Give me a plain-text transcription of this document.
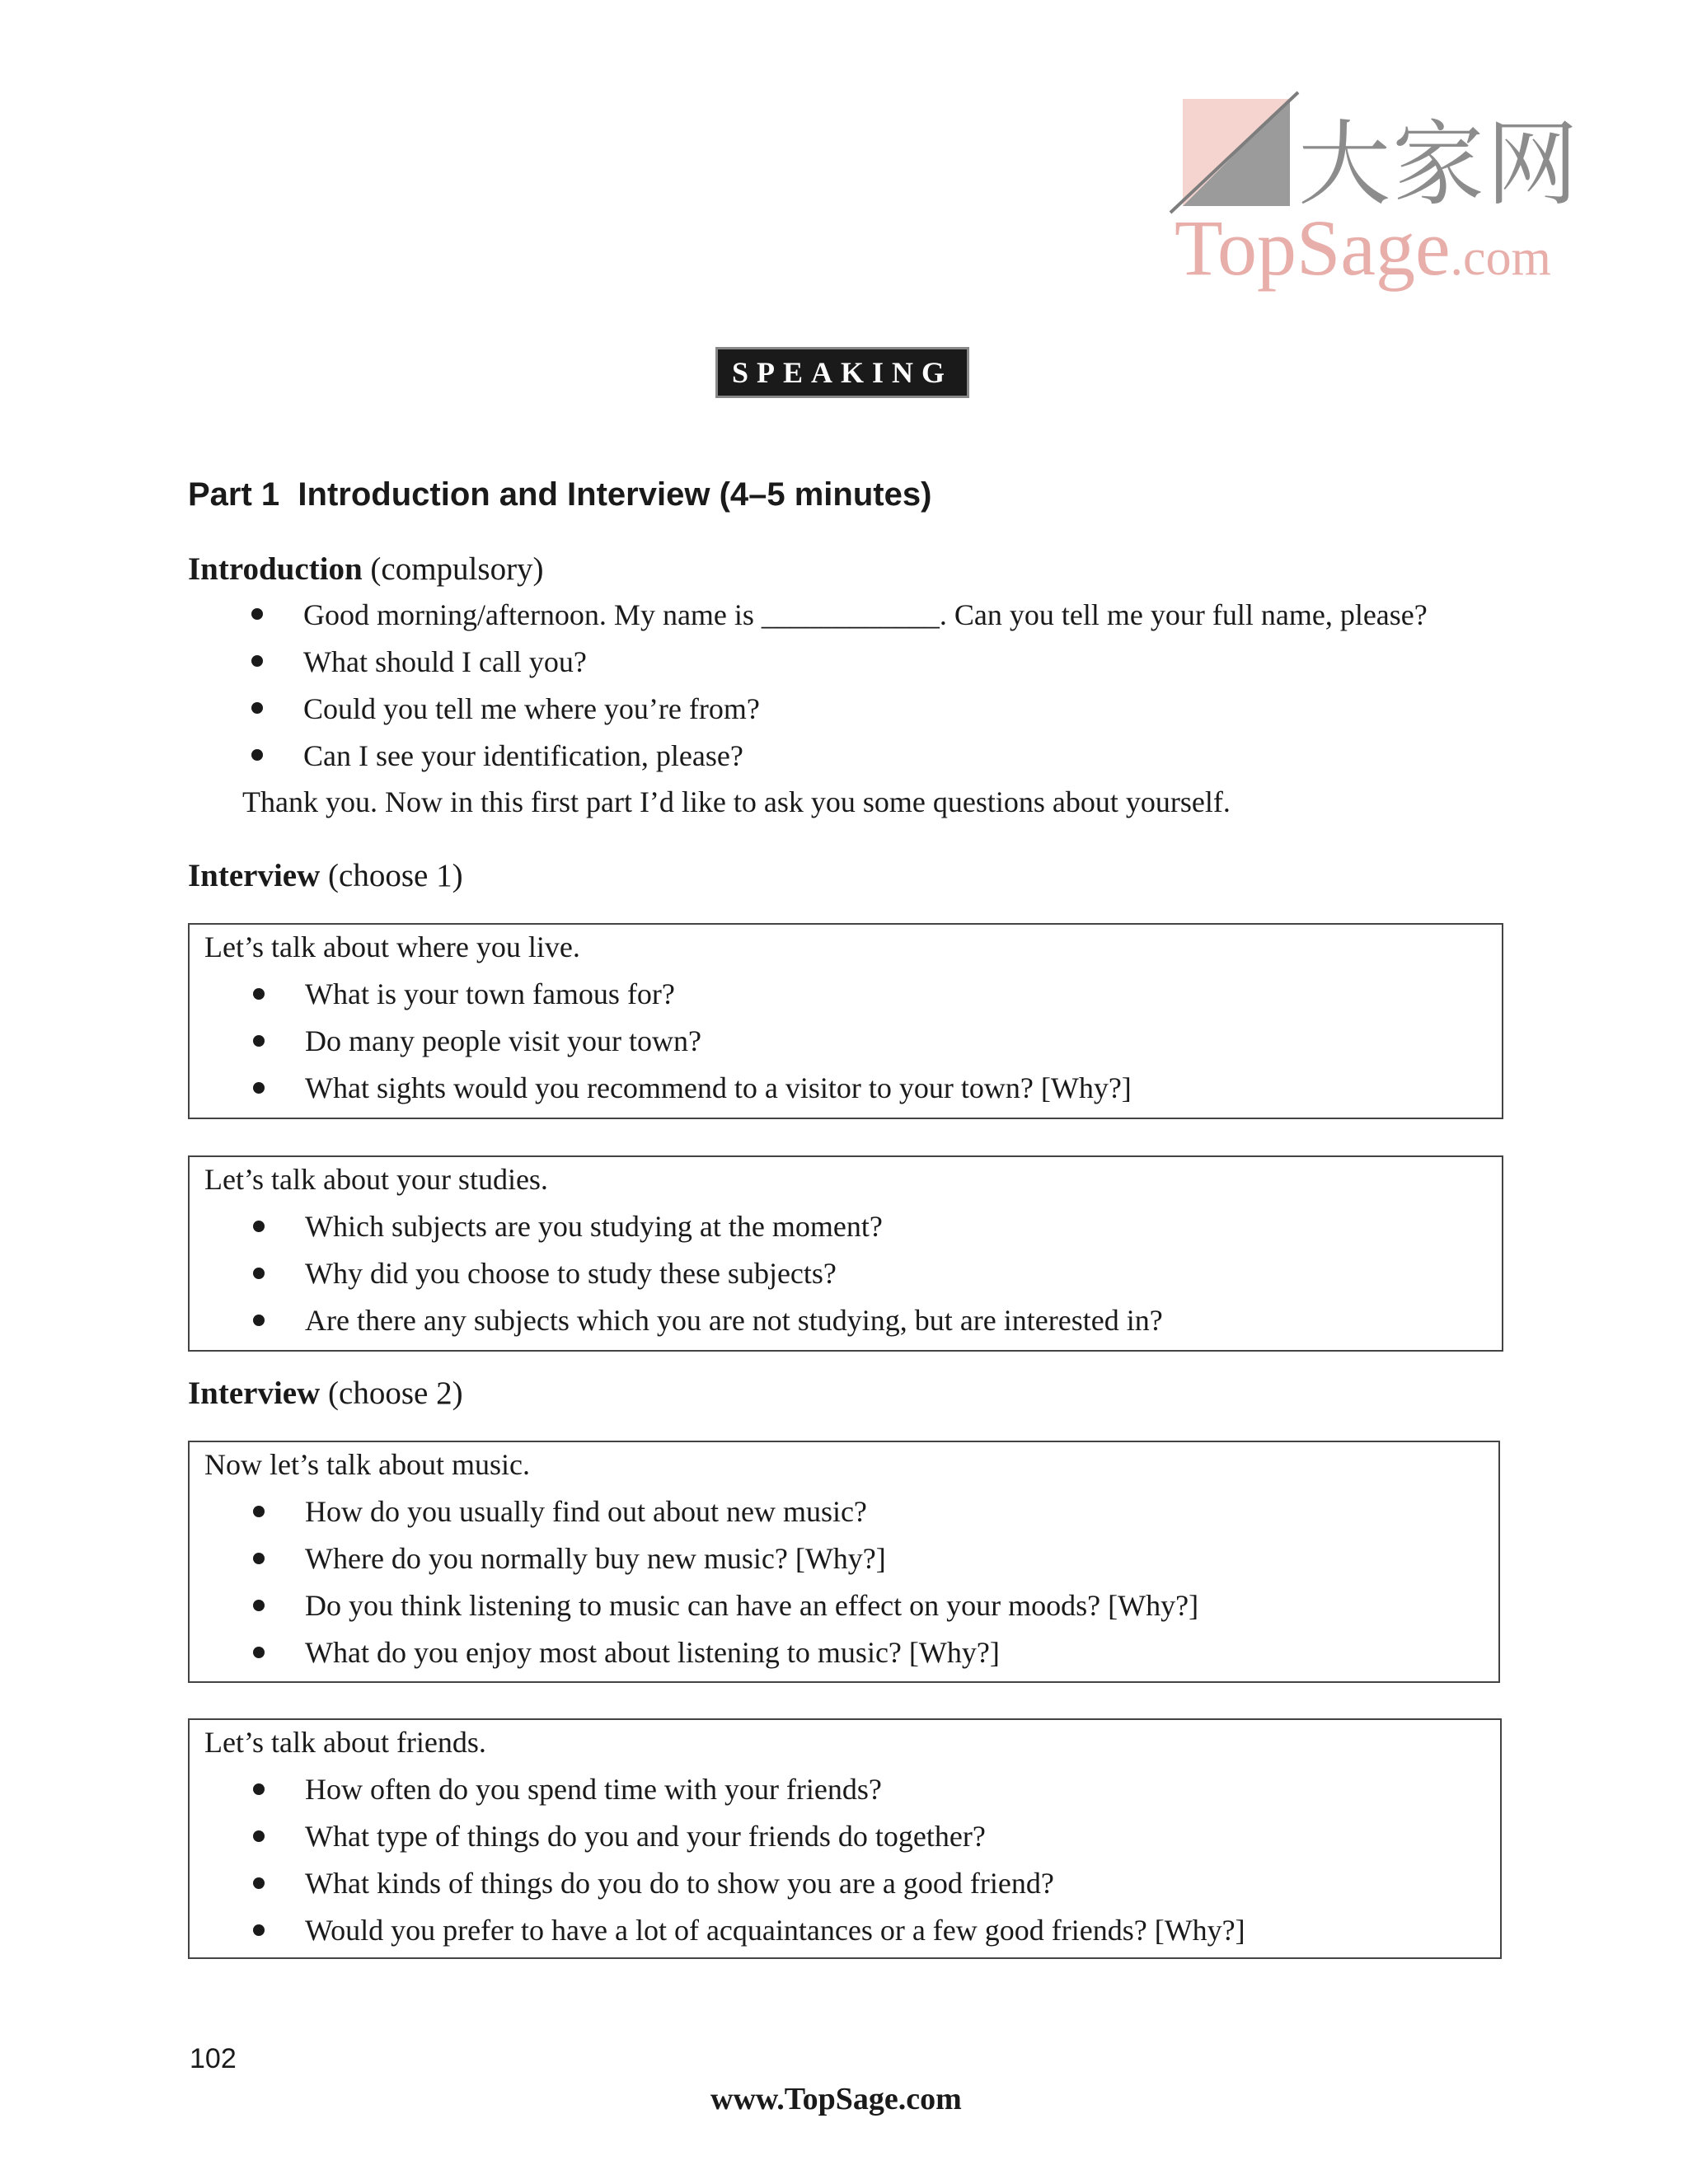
大家网
TopSage.com
SPEAKING
Part 1 Introduction and Interview (4–5 minutes)
Introduction (compulsory)
Good morning/afternoon. My name is ____________. Can you tell me your full name, please?
What should I call you?
Could you tell me where you’re from?
Can I see your identification, please?
Thank you. Now in this first part I’d like to ask you some questions about yourself.
Interview (choose 1)
Let’s talk about where you live.
What is your town famous for?
Do many people visit your town?
What sights would you recommend to a visitor to your town? [Why?]
Let’s talk about your studies.
Which subjects are you studying at the moment?
Why did you choose to study these subjects?
Are there any subjects which you are not studying, but are interested in?
Interview (choose 2)
Now let’s talk about music.
How do you usually find out about new music?
Where do you normally buy new music? [Why?]
Do you think listening to music can have an effect on your moods? [Why?]
What do you enjoy most about listening to music? [Why?]
Let’s talk about friends.
How often do you spend time with your friends?
What type of things do you and your friends do together?
What kinds of things do you do to show you are a good friend?
Would you prefer to have a lot of acquaintances or a few good friends? [Why?]
102
www.TopSage.com
